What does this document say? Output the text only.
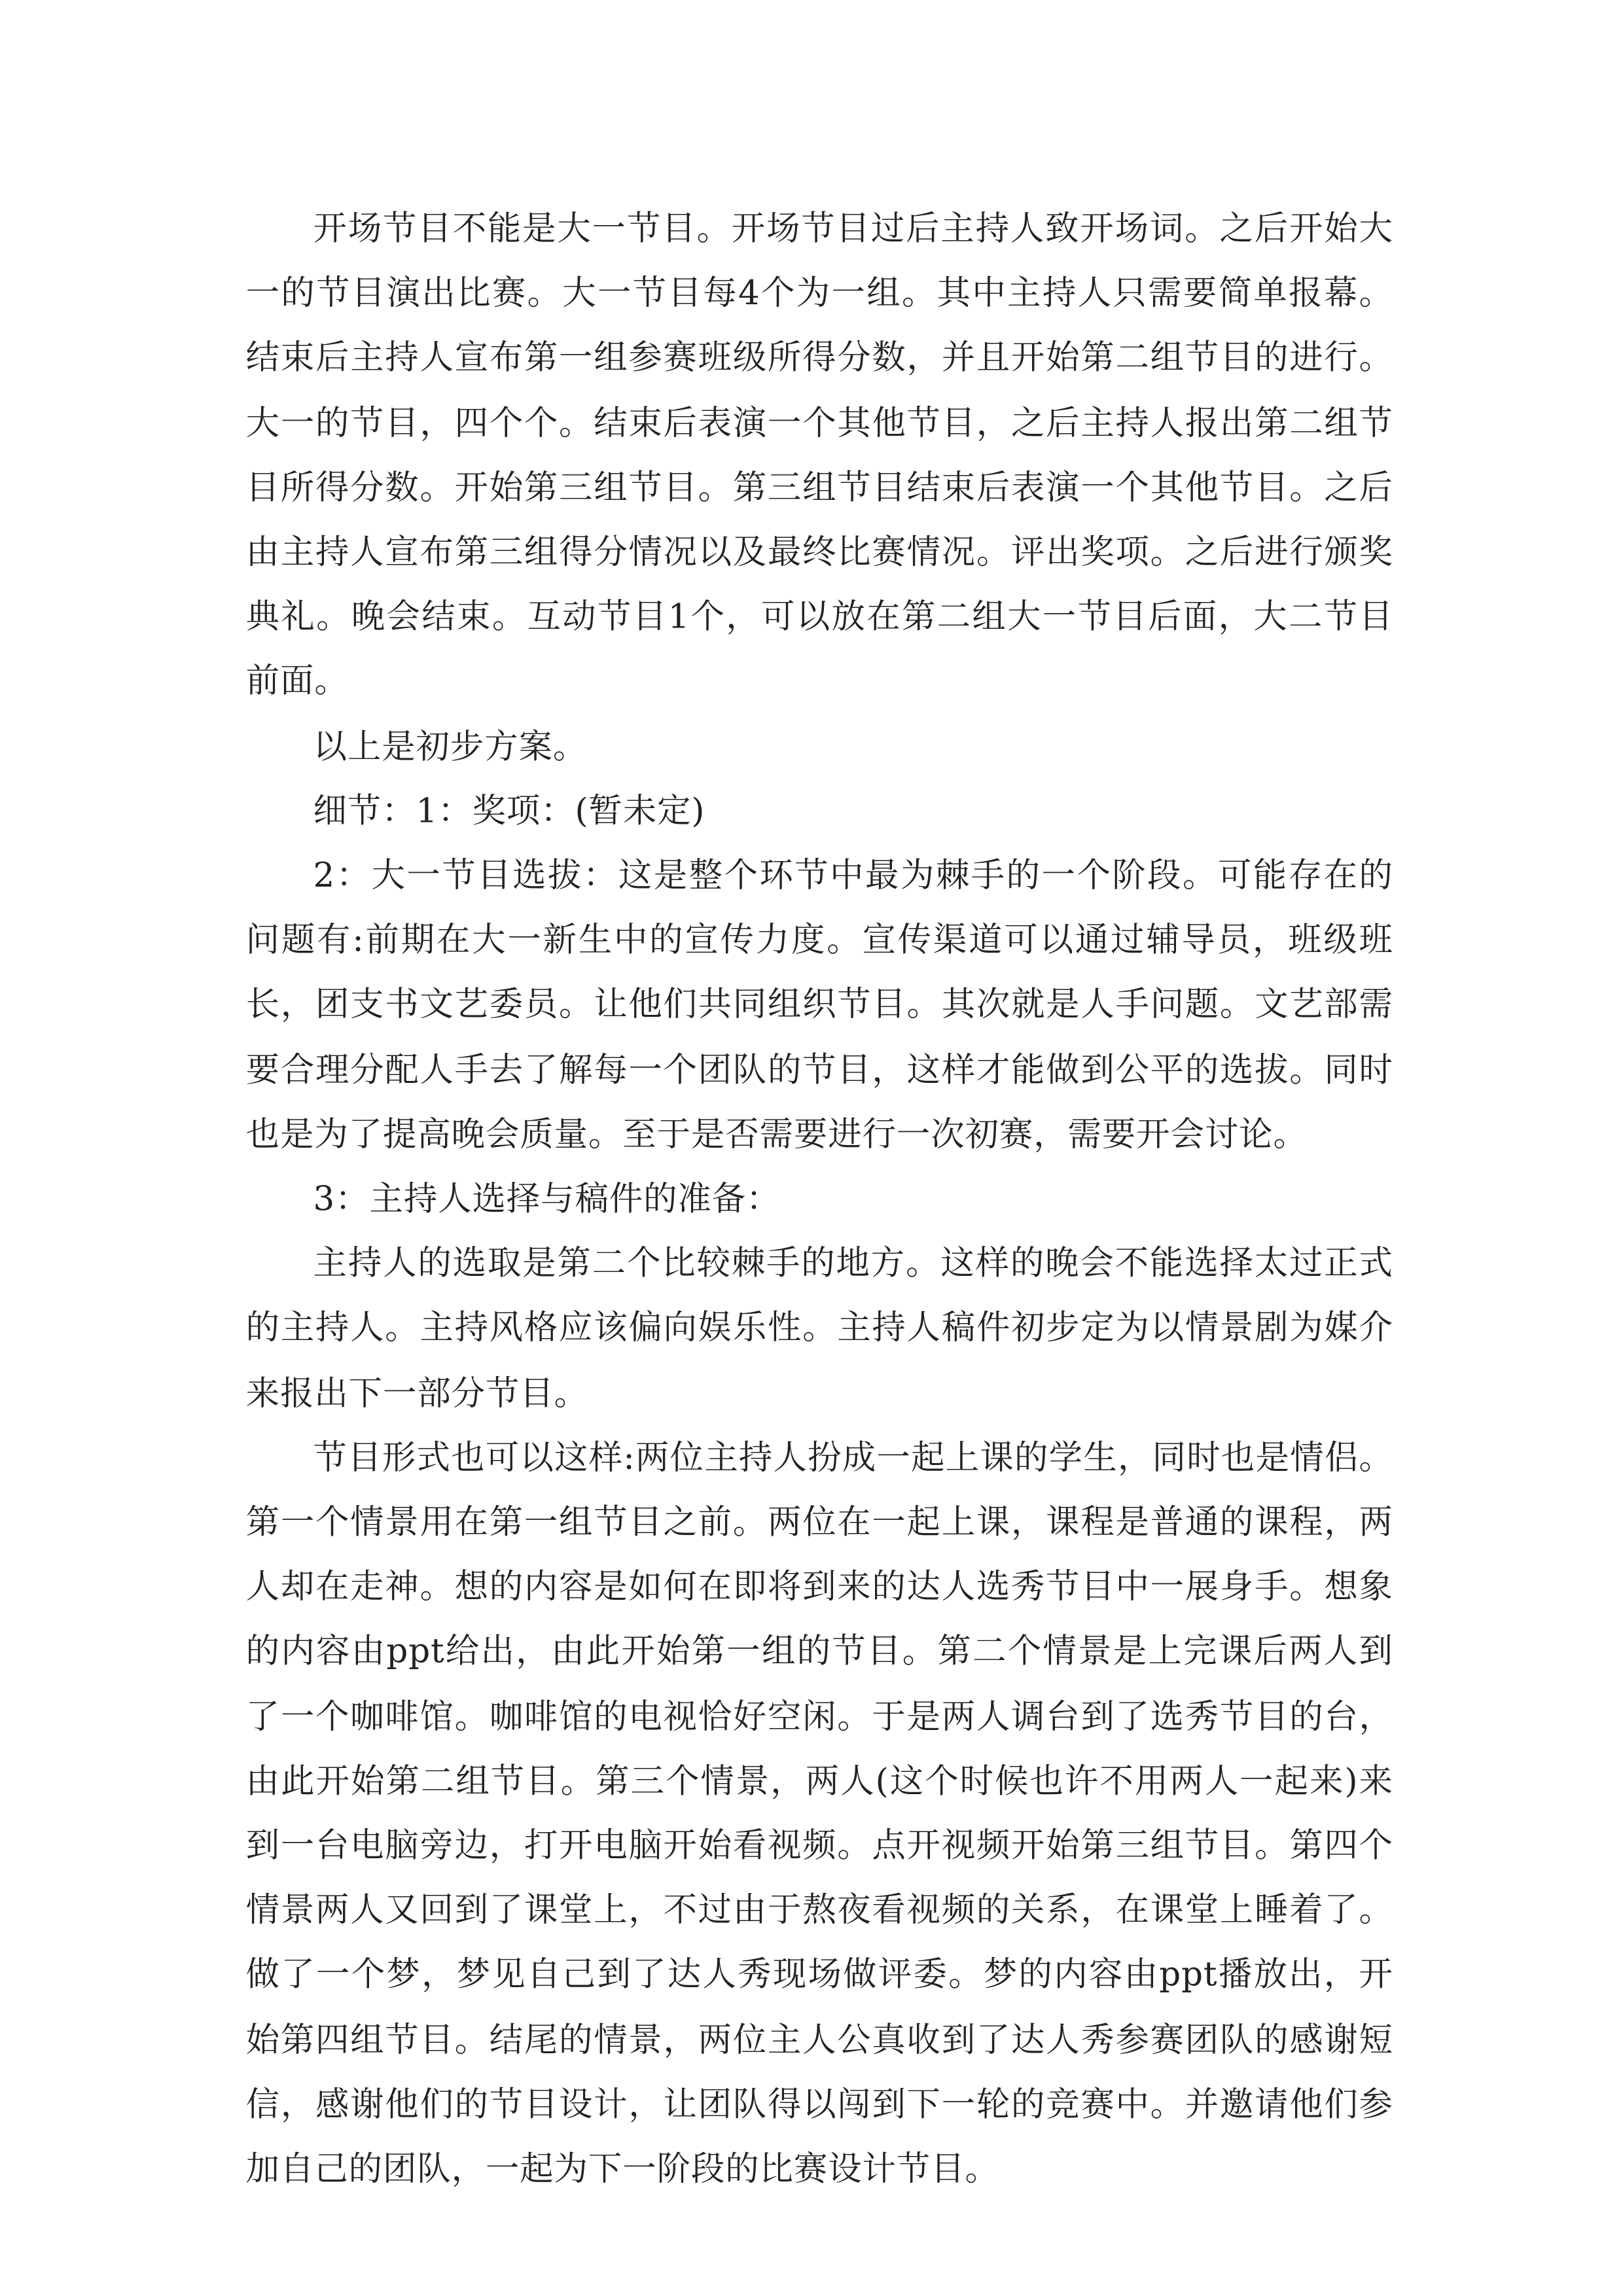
开场节目不能是大一节目。开场节目过后主持人致开场词。之后开始大一的节目演出比赛。大一节目每4个为一组。其中主持人只需要简单报幕。结束后主持人宣布第一组参赛班级所得分数，并且开始第二组节目的进行。大一的节目，四个个。结束后表演一个其他节目，之后主持人报出第二组节目所得分数。开始第三组节目。第三组节目结束后表演一个其他节目。之后由主持人宣布第三组得分情况以及最终比赛情况。评出奖项。之后进行颁奖典礼。晚会结束。互动节目1个，可以放在第二组大一节目后面，大二节目前面。

以上是初步方案。

细节：1：奖项：(暂未定)

2：大一节目选拔：这是整个环节中最为棘手的一个阶段。可能存在的问题有:前期在大一新生中的宣传力度。宣传渠道可以通过辅导员，班级班长，团支书文艺委员。让他们共同组织节目。其次就是人手问题。文艺部需要合理分配人手去了解每一个团队的节目，这样才能做到公平的选拔。同时也是为了提高晚会质量。至于是否需要进行一次初赛，需要开会讨论。

3：主持人选择与稿件的准备：

主持人的选取是第二个比较棘手的地方。这样的晚会不能选择太过正式的主持人。主持风格应该偏向娱乐性。主持人稿件初步定为以情景剧为媒介来报出下一部分节目。

节目形式也可以这样:两位主持人扮成一起上课的学生，同时也是情侣。第一个情景用在第一组节目之前。两位在一起上课，课程是普通的课程，两人却在走神。想的内容是如何在即将到来的达人选秀节目中一展身手。想象的内容由ppt给出，由此开始第一组的节目。第二个情景是上完课后两人到了一个咖啡馆。咖啡馆的电视恰好空闲。于是两人调台到了选秀节目的台，由此开始第二组节目。第三个情景，两人(这个时候也许不用两人一起来)来到一台电脑旁边，打开电脑开始看视频。点开视频开始第三组节目。第四个情景两人又回到了课堂上，不过由于熬夜看视频的关系，在课堂上睡着了。做了一个梦，梦见自己到了达人秀现场做评委。梦的内容由ppt播放出，开始第四组节目。结尾的情景，两位主人公真收到了达人秀参赛团队的感谢短信，感谢他们的节目设计，让团队得以闯到下一轮的竞赛中。并邀请他们参加自己的团队，一起为下一阶段的比赛设计节目。
